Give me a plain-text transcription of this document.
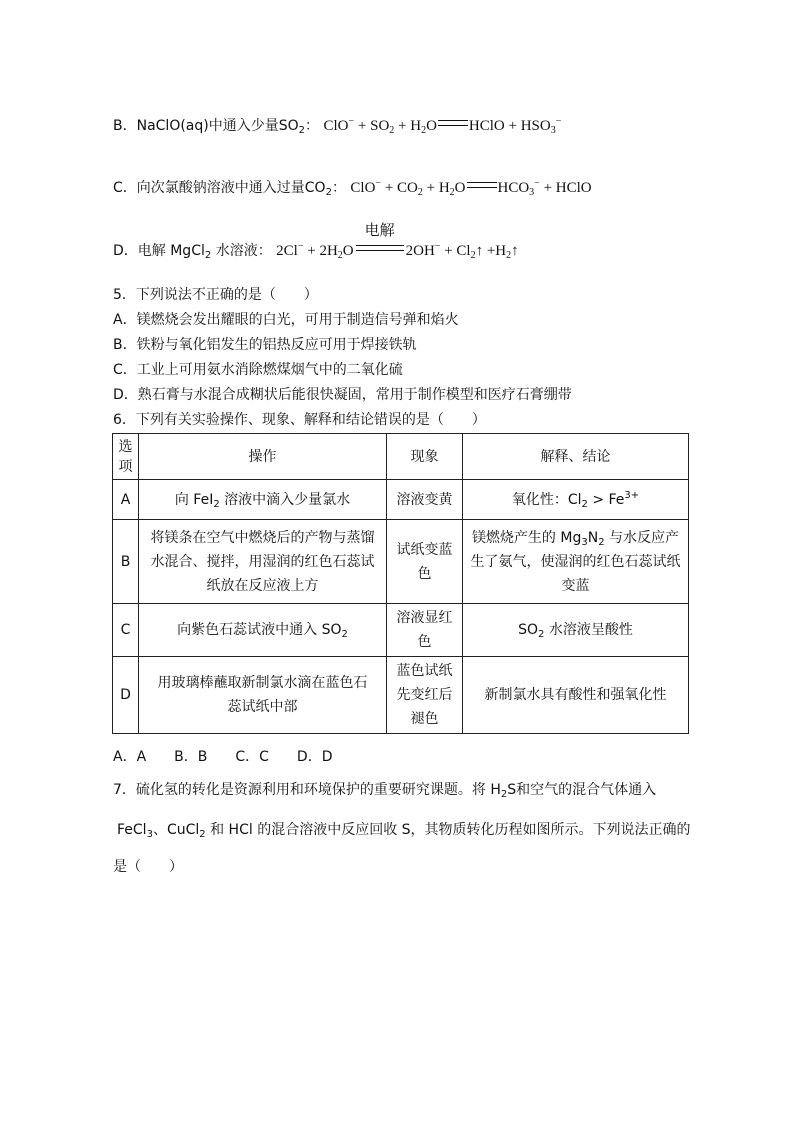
B．NaClO(aq)中通入少量$SO_2$： $ClO^- + SO_2 + H_2O$ HClO + $HSO_3^-$
C．向次氯酸钠溶液中通入过量$CO_2$： $ClO^- + CO_2 + H_2O$ $HCO_3^-$ + HClO
D．电解 MgCl$_2$ 水溶液： $2Cl^- + 2H_2O$
电解
$2OH^- + Cl_2↑$ $+H_2↑$
5．下列说法不正确的是（　　）
A．镁燃烧会发出耀眼的白光，可用于制造信号弹和焰火
B．铁粉与氧化铝发生的铝热反应可用于焊接铁轨
C．工业上可用氨水消除燃煤烟气中的二氧化硫
D．熟石膏与水混合成糊状后能很快凝固，常用于制作模型和医疗石膏绷带
6．下列有关实验操作、现象、解释和结论错误的是（　　）
选项	操作	现象	解释、结论
A	向 FeI$_2$ 溶液中滴入少量氯水	溶液变黄	氧化性：$Cl_2 > Fe^{3+}$
B	将镁条在空气中燃烧后的产物与蒸馏水混合、搅拌，用湿润的红色石蕊试纸放在反应液上方	试纸变蓝色	镁燃烧产生的 $Mg_3N_2$ 与水反应产生了氨气，使湿润的红色石蕊试纸变蓝
C	向紫色石蕊试液中通入 $SO_2$	溶液显红色	$SO_2$ 水溶液呈酸性
D	用玻璃棒蘸取新制氯水滴在蓝色石蕊试纸中部	蓝色试纸先变红后褪色	新制氯水具有酸性和强氧化性
A．A　　B．B　　C．C　　D．D
7．硫化氢的转化是资源利用和环境保护的重要研究课题。将 $H_2S$和空气的混合气体通入
FeCl$_3$、CuCl$_2$ 和 HCl 的混合溶液中反应回收 S，其物质转化历程如图所示。下列说法正确的
是（　　）
